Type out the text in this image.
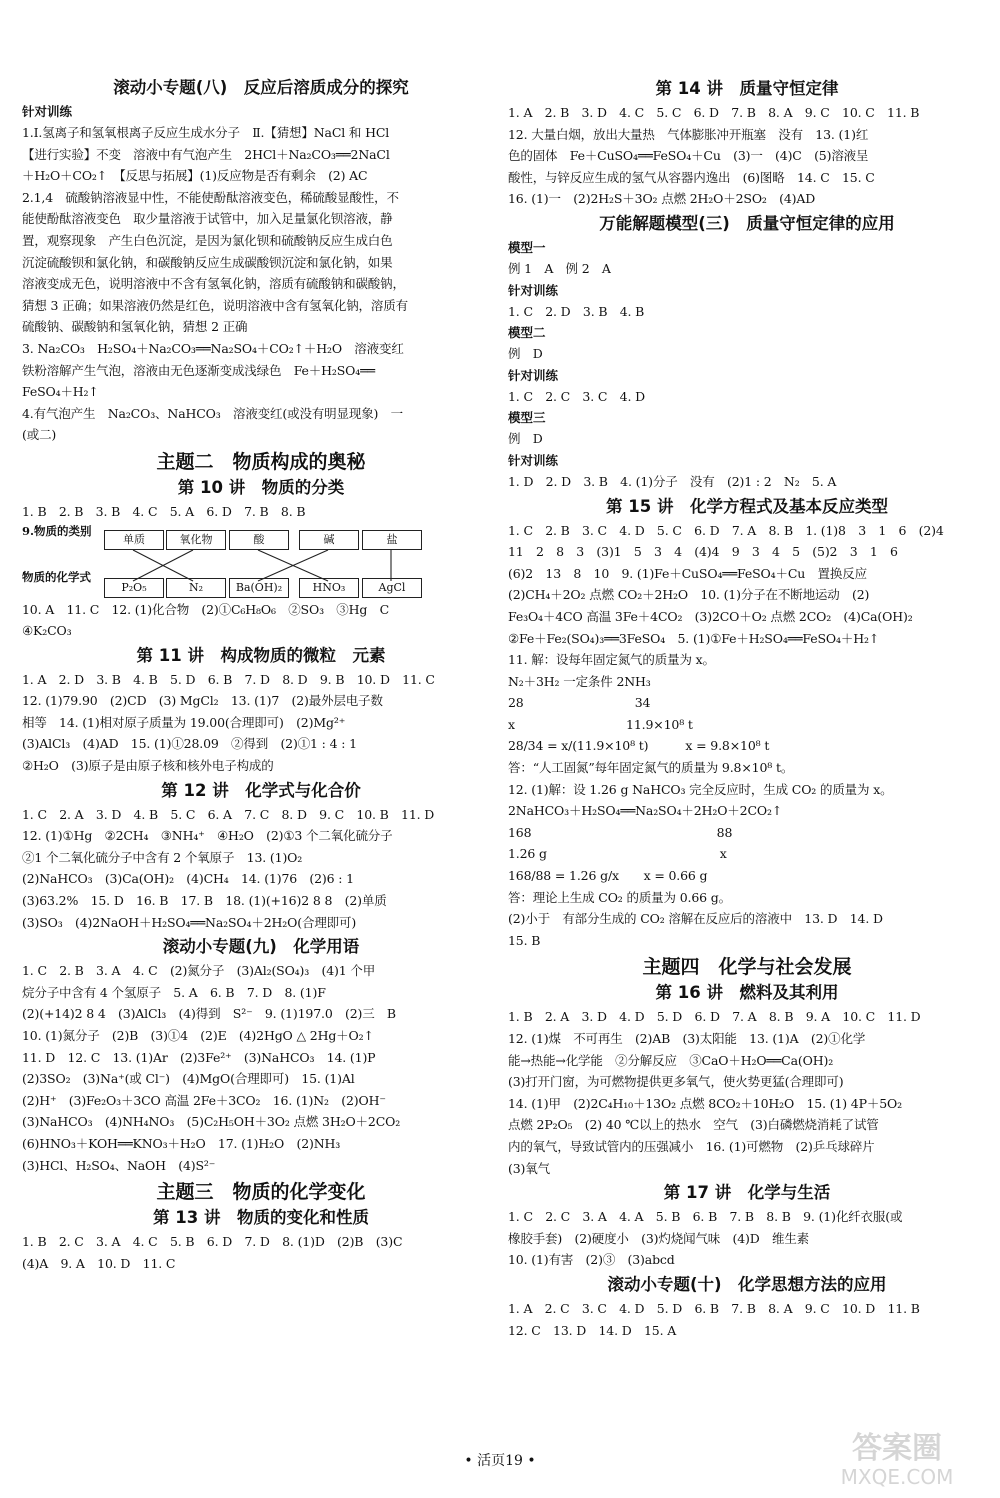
滚动小专题(八)　反应后溶质成分的探究
针对训练
1.Ⅰ.氢离子和氢氧根离子反应生成水分子　Ⅱ.【猜想】NaCl 和 HCl
【进行实验】不变　溶液中有气泡产生　2HCl＋Na₂CO₃══2NaCl
＋H₂O＋CO₂↑　【反思与拓展】(1)反应物是否有剩余　(2) AC
2.1,4　硫酸钠溶液显中性，不能使酚酞溶液变色，稀硫酸显酸性，不
能使酚酞溶液变色　取少量溶液于试管中，加入足量氯化钡溶液，静
置，观察现象　产生白色沉淀，是因为氯化钡和硫酸钠反应生成白色
沉淀硫酸钡和氯化钠，和碳酸钠反应生成碳酸钡沉淀和氯化钠，如果
溶液变成无色，说明溶液中不含有氢氧化钠，溶质有硫酸钠和碳酸钠，
猜想 3 正确；如果溶液仍然是红色，说明溶液中含有氢氧化钠，溶质有
硫酸钠、碳酸钠和氢氧化钠，猜想 2 正确
3. Na₂CO₃　H₂SO₄＋Na₂CO₃══Na₂SO₄＋CO₂↑＋H₂O　溶液变红
铁粉溶解产生气泡，溶液由无色逐渐变成浅绿色　Fe＋H₂SO₄══
FeSO₄＋H₂↑
4.有气泡产生　Na₂CO₃、NaHCO₃　溶液变红(或没有明显现象)　一
(或二)
主题二　物质构成的奥秘
第 10 讲　物质的分类
1. B　2. B　3. B　4. C　5. A　6. D　7. B　8. B
9.物质的类别
物质的化学式
单质	氧化物	酸	碱	盐
P₂O₅	N₂	Ba(OH)₂	HNO₃	AgCl
10. A　11. C　12. (1)化合物　(2)①C₆H₈O₆　②SO₃　③Hg　C
④K₂CO₃
第 11 讲　构成物质的微粒　元素
1. A　2. D　3. B　4. B　5. D　6. B　7. D　8. D　9. B　10. D　11. C
12. (1)79.90　(2)CD　(3) MgCl₂　13. (1)7　(2)最外层电子数
相等　14. (1)相对原子质量为 19.00(合理即可)　(2)Mg²⁺
(3)AlCl₃　(4)AD　15. (1)①28.09　②得到　(2)①1 : 4 : 1
②H₂O　(3)原子是由原子核和核外电子构成的
第 12 讲　化学式与化合价
1. C　2. A　3. D　4. B　5. C　6. A　7. C　8. D　9. C　10. B　11. D
12. (1)①Hg　②2CH₄　③NH₄⁺　④H₂O　(2)①3 个二氧化硫分子
②1 个二氧化硫分子中含有 2 个氧原子　13. (1)O₂
(2)NaHCO₃　(3)Ca(OH)₂　(4)CH₄　14. (1)76　(2)6 : 1
(3)63.2%　15. D　16. B　17. B　18. (1)(+16)2 8 8　(2)单质
(3)SO₃　(4)2NaOH＋H₂SO₄══Na₂SO₄＋2H₂O(合理即可)
滚动小专题(九)　化学用语
1. C　2. B　3. A　4. C　(2)氮分子　(3)Al₂(SO₄)₃　(4)1 个甲
烷分子中含有 4 个氢原子　5. A　6. B　7. D　8. (1)F
(2)(+14)2 8 4　(3)AlCl₃　(4)得到　S²⁻　9. (1)197.0　(2)三　B
10. (1)氮分子　(2)B　(3)①4　(2)E　(4)2HgO △ 2Hg＋O₂↑
11. D　12. C　13. (1)Ar　(2)3Fe²⁺　(3)NaHCO₃　14. (1)P
(2)3SO₂　(3)Na⁺(或 Cl⁻)　(4)MgO(合理即可)　15. (1)Al
(2)H⁺　(3)Fe₂O₃＋3CO 高温 2Fe＋3CO₂　16. (1)N₂　(2)OH⁻
(3)NaHCO₃　(4)NH₄NO₃　(5)C₂H₅OH＋3O₂ 点燃 3H₂O＋2CO₂
(6)HNO₃＋KOH══KNO₃＋H₂O　17. (1)H₂O　(2)NH₃
(3)HCl、H₂SO₄、NaOH　(4)S²⁻
主题三　物质的化学变化
第 13 讲　物质的变化和性质
1. B　2. C　3. A　4. C　5. B　6. D　7. D　8. (1)D　(2)B　(3)C
(4)A　9. A　10. D　11. C
第 14 讲　质量守恒定律
1. A　2. B　3. D　4. C　5. C　6. D　7. B　8. A　9. C　10. C　11. B
12. 大量白烟，放出大量热　气体膨胀冲开瓶塞　没有　13. (1)红
色的固体　Fe＋CuSO₄══FeSO₄＋Cu　(3)一　(4)C　(5)溶液呈
酸性，与锌反应生成的氢气从容器内逸出　(6)图略　14. C　15. C
16. (1)一　(2)2H₂S＋3O₂ 点燃 2H₂O＋2SO₂　(4)AD
万能解题模型(三)　质量守恒定律的应用
模型一
例 1　A　例 2　A
针对训练
1. C　2. D　3. B　4. B
模型二
例　D
针对训练
1. C　2. C　3. C　4. D
模型三
例　D
针对训练
1. D　2. D　3. B　4. (1)分子　没有　(2)1 : 2　N₂　5. A
第 15 讲　化学方程式及基本反应类型
1. C　2. B　3. C　4. D　5. C　6. D　7. A　8. B　1. (1)8　3　1　6　(2)4
11　2　8　3　(3)1　5　3　4　(4)4　9　3　4　5　(5)2　3　1　6
(6)2　13　8　10　9. (1)Fe＋CuSO₄══FeSO₄＋Cu　置换反应
(2)CH₄＋2O₂ 点燃 CO₂＋2H₂O　10. (1)分子在不断地运动　(2)
Fe₃O₄＋4CO 高温 3Fe＋4CO₂　(3)2CO＋O₂ 点燃 2CO₂　(4)Ca(OH)₂
②Fe＋Fe₂(SO₄)₃══3FeSO₄　5. (1)①Fe＋H₂SO₄══FeSO₄＋H₂↑
11. 解：设每年固定氮气的质量为 x。
N₂＋3H₂ 一定条件 2NH₃
28　　　　　　　　　34
x　　　　　　　　　11.9×10⁸ t
28/34 = x/(11.9×10⁸ t)　　　x = 9.8×10⁸ t
答：“人工固氮”每年固定氮气的质量为 9.8×10⁸ t。
12. (1)解：设 1.26 g NaHCO₃ 完全反应时，生成 CO₂ 的质量为 x。
2NaHCO₃＋H₂SO₄══Na₂SO₄＋2H₂O＋2CO₂↑
168　　　　　　　　　　　　　　　88
1.26 g　　　　　　　　　　　　　　x
168/88 = 1.26 g/x　　x = 0.66 g
答：理论上生成 CO₂ 的质量为 0.66 g。
(2)小于　有部分生成的 CO₂ 溶解在反应后的溶液中　13. D　14. D
15. B
主题四　化学与社会发展
第 16 讲　燃料及其利用
1. B　2. A　3. D　4. D　5. D　6. D　7. A　8. B　9. A　10. C　11. D
12. (1)煤　不可再生　(2)AB　(3)太阳能　13. (1)A　(2)①化学
能→热能→化学能　②分解反应　③CaO＋H₂O══Ca(OH)₂
(3)打开门窗，为可燃物提供更多氧气，使火势更猛(合理即可)
14. (1)甲　(2)2C₄H₁₀＋13O₂ 点燃 8CO₂＋10H₂O　15. (1) 4P＋5O₂
点燃 2P₂O₅　(2) 40 ℃以上的热水　空气　(3)白磷燃烧消耗了试管
内的氧气，导致试管内的压强减小　16. (1)可燃物　(2)乒乓球碎片
(3)氧气
第 17 讲　化学与生活
1. C　2. C　3. A　4. A　5. B　6. B　7. B　8. B　9. (1)化纤衣服(或
橡胶手套)　(2)硬度小　(3)灼烧闻气味　(4)D　维生素
10. (1)有害　(2)③　(3)abcd
滚动小专题(十)　化学思想方法的应用
1. A　2. C　3. C　4. D　5. D　6. B　7. B　8. A　9. C　10. D　11. B
12. C　13. D　14. D　15. A
• 活页19 •	答案圈
MXQE.COM
